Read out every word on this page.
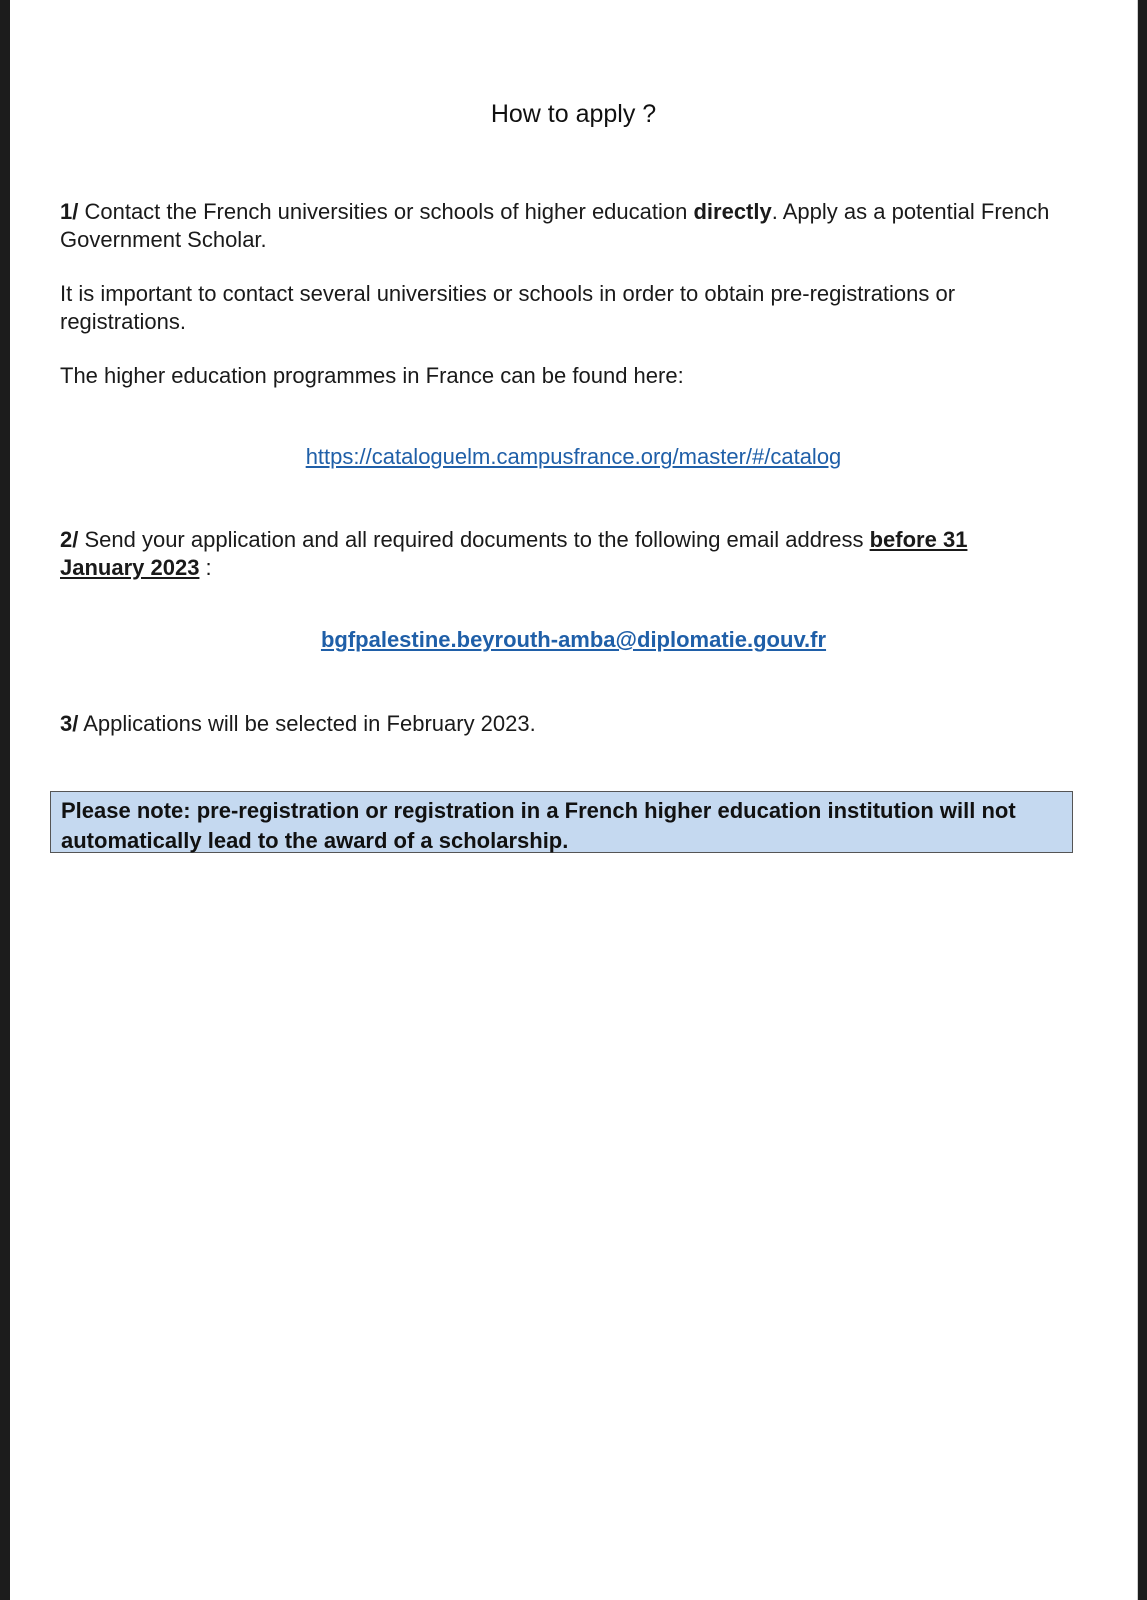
How to apply ?
1/ Contact the French universities or schools of higher education directly. Apply as a potential French Government Scholar.
It is important to contact several universities or schools in order to obtain pre-registrations or registrations.
The higher education programmes in France can be found here:
https://cataloguelm.campusfrance.org/master/#/catalog
2/ Send your application and all required documents to the following email address before 31 January 2023 :
bgfpalestine.beyrouth-amba@diplomatie.gouv.fr
3/ Applications will be selected in February 2023.
Please note: pre-registration or registration in a French higher education institution will not automatically lead to the award of a scholarship.
